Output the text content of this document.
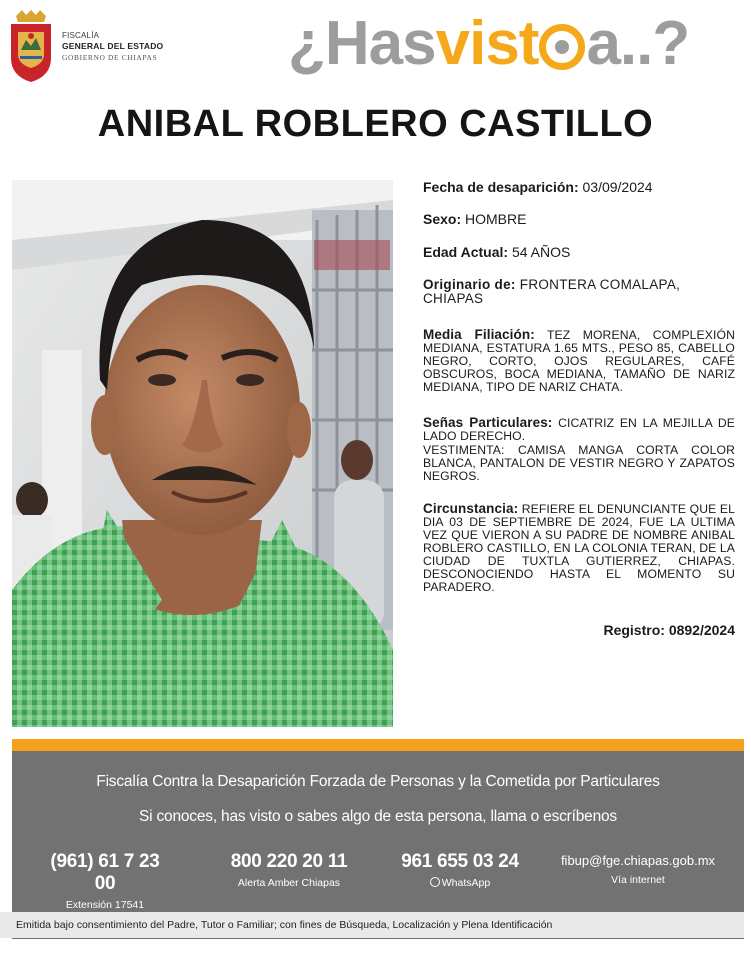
FISCALÍA
GENERAL DEL ESTADO
GOBIERNO DE CHIAPAS ¿Hasvist a..?
ANIBAL ROBLERO CASTILLO
Fecha de desaparición: 03/09/2024
Sexo: HOMBRE
Edad Actual: 54 AÑOS
Originario de: FRONTERA COMALAPA, CHIAPAS
Media Filiación: TEZ MORENA, COMPLEXIÓN MEDIANA, ESTATURA 1.65 MTS., PESO 85, CABELLO NEGRO, CORTO, OJOS REGULARES, CAFÉ OBSCUROS, BOCA MEDIANA, TAMAÑO DE NARIZ MEDIANA, TIPO DE NARIZ CHATA.
Señas Particulares: CICATRIZ EN LA MEJILLA DE LADO DERECHO.
VESTIMENTA: CAMISA MANGA CORTA COLOR BLANCA, PANTALON DE VESTIR NEGRO Y ZAPATOS NEGROS.
Circunstancia: REFIERE EL DENUNCIANTE QUE EL DIA 03 DE SEPTIEMBRE DE 2024, FUE LA ULTIMA VEZ QUE VIERON A SU PADRE DE NOMBRE ANIBAL ROBLERO CASTILLO, EN LA COLONIA TERAN, DE LA CIUDAD DE TUXTLA GUTIERREZ, CHIAPAS. DESCONOCIENDO HASTA EL MOMENTO SU PARADERO.
Registro: 0892/2024
Fiscalía Contra la Desaparición Forzada de Personas y la Cometida por Particulares
Si conoces, has visto o sabes algo de esta persona, llama o escríbenos
(961) 61 7 23 00
Extensión 17541
800 220 20 11
Alerta Amber Chiapas
961 655 03 24
WhatsApp
fibup@fge.chiapas.gob.mx
Vía internet
Emitida bajo consentimiento del Padre, Tutor o Familiar; con fines de Búsqueda, Localización y Plena Identificación
